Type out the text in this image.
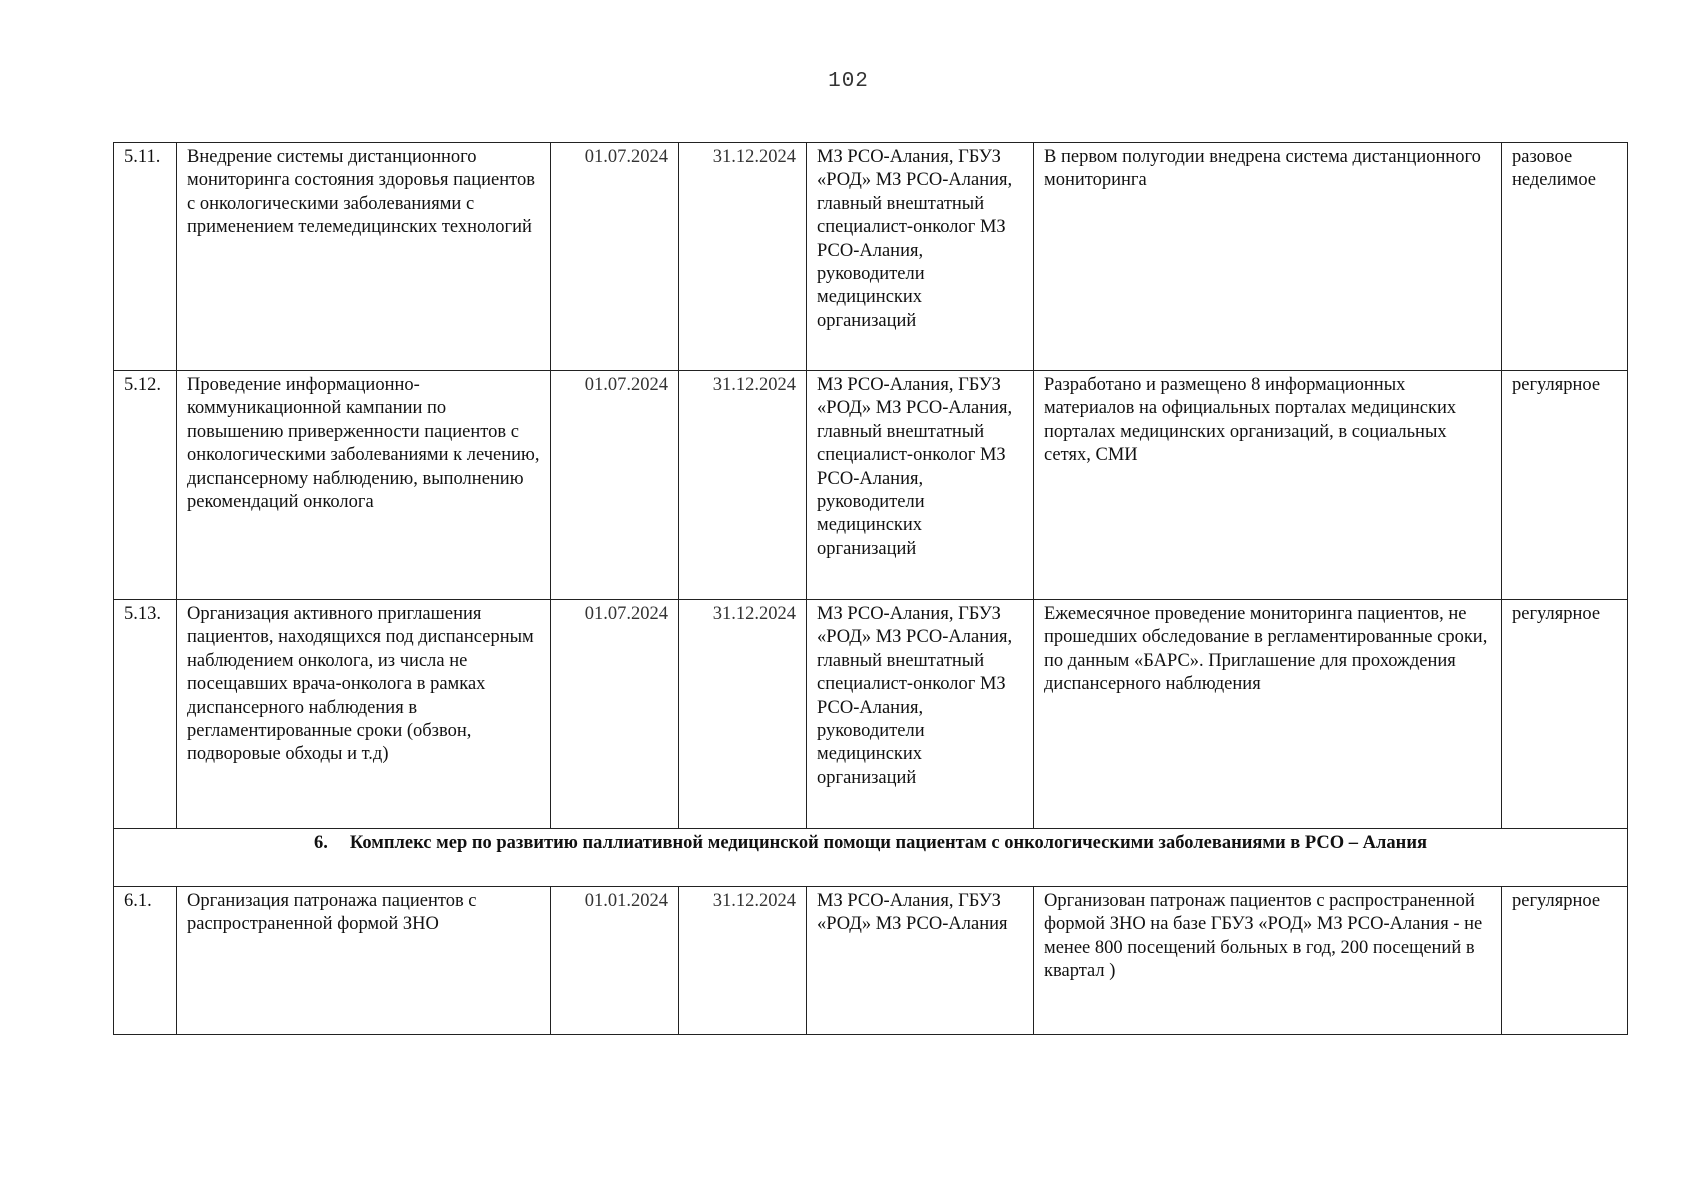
102
5.11.	Внедрение системы дистанционного мониторинга состояния здоровья пациентов с онкологическими заболеваниями с применением телемедицинских технологий	01.07.2024	31.12.2024	МЗ РСО-Алания, ГБУЗ «РОД» МЗ РСО-Алания, главный внештатный специалист-онколог МЗ РСО-Алания, руководители медицинских организаций	В первом полугодии внедрена система дистанционного мониторинга	разовое неделимое
5.12.	Проведение информационно-коммуникационной кампании по повышению приверженности пациентов с онкологическими заболеваниями к лечению, диспансерному наблюдению, выполнению рекомендаций онколога	01.07.2024	31.12.2024	МЗ РСО-Алания, ГБУЗ «РОД» МЗ РСО-Алания, главный внештатный специалист-онколог МЗ РСО-Алания, руководители медицинских организаций	Разработано и размещено 8 информационных материалов на официальных порталах медицинских порталах медицинских организаций, в социальных сетях, СМИ	регулярное
5.13.	Организация активного приглашения пациентов, находящихся под диспансерным наблюдением онколога, из числа не посещавших врача-онколога в рамках диспансерного наблюдения в регламентированные сроки (обзвон, подворовые обходы и т.д)	01.07.2024	31.12.2024	МЗ РСО-Алания, ГБУЗ «РОД» МЗ РСО-Алания, главный внештатный специалист-онколог МЗ РСО-Алания, руководители медицинских организаций	Ежемесячное проведение мониторинга пациентов, не прошедших обследование в регламентированные сроки, по данным «БАРС». Приглашение для прохождения диспансерного наблюдения	регулярное
6. Комплекс мер по развитию паллиативной медицинской помощи пациентам с онкологическими заболеваниями в РСО – Алания						
6.1.	Организация патронажа пациентов с распространенной формой ЗНО	01.01.2024	31.12.2024	МЗ РСО-Алания, ГБУЗ «РОД» МЗ РСО-Алания	Организован патронаж пациентов с распространенной формой ЗНО на базе ГБУЗ «РОД» МЗ РСО-Алания - не менее 800 посещений больных в год, 200 посещений в квартал )	регулярное
